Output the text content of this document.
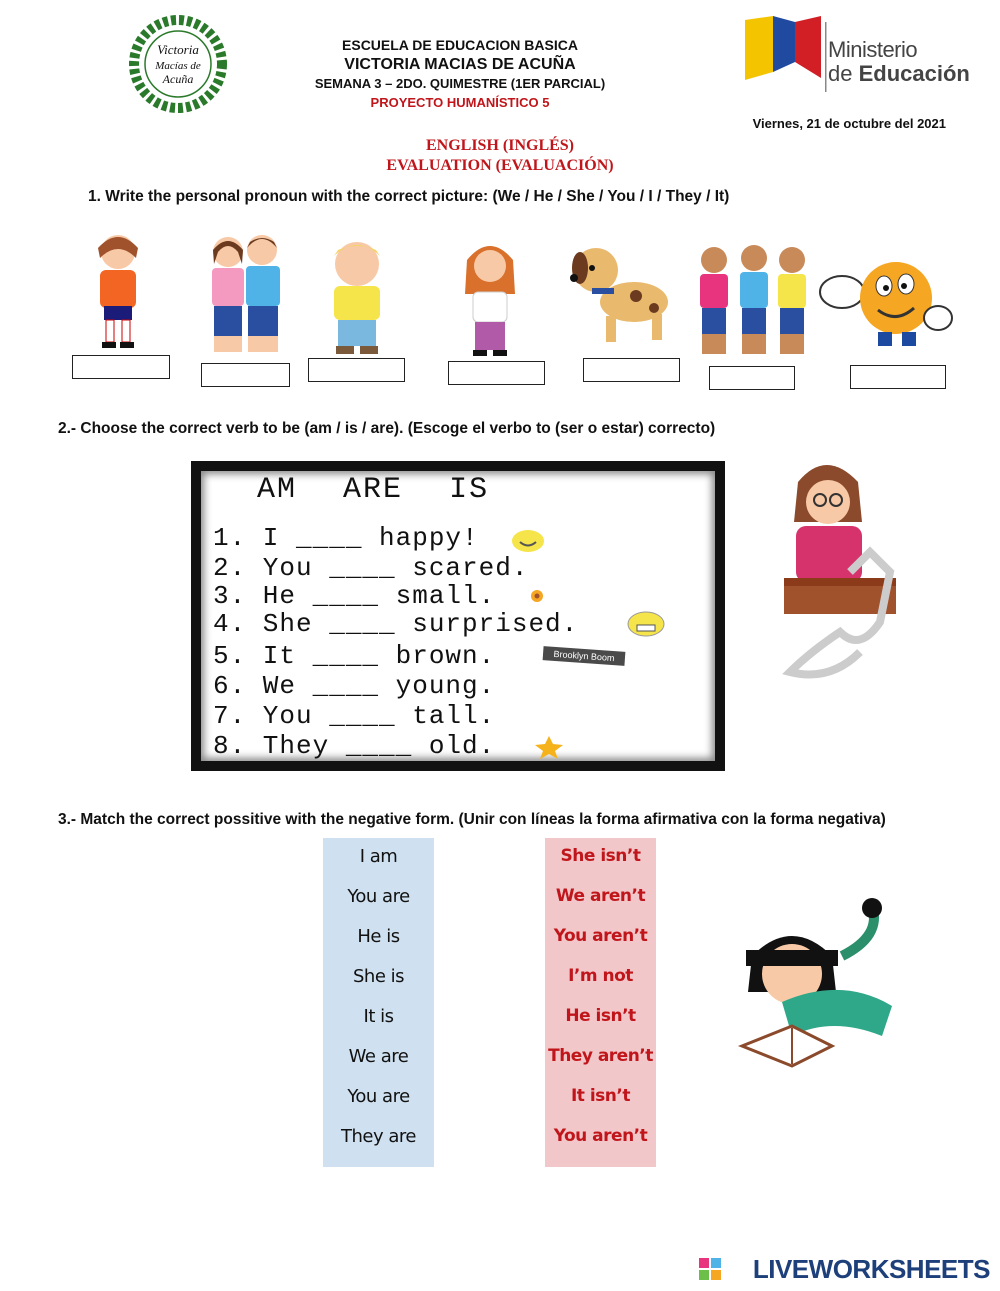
Victoria
Macías de
Acuña
ESCUELA DE EDUCACION BASICA
VICTORIA MACIAS DE ACUÑA
SEMANA 3 – 2DO. QUIMESTRE (1ER PARCIAL)
PROYECTO HUMANÍSTICO 5
Ministerio
de Educación
Viernes, 21 de octubre del 2021
ENGLISH (INGLÉS)
EVALUATION (EVALUACIÓN)
1. Write the personal pronoun with the correct picture: (We / He / She / You / I / They / It)
2.- Choose the correct verb to be (am / is / are). (Escoge el verbo to (ser o estar) correcto)
AM ARE IS
1. I ____ happy!
2. You ____ scared.
3. He ____ small.
4. She ____ surprised.
5. It ____ brown.
6. We ____ young.
7. You ____ tall.
8. They ____ old.
Brooklyn Boom
3.- Match the correct possitive with the negative form. (Unir con líneas la forma afirmativa con la forma negativa)
I am
You are
He is
She is
It is
We are
You are
They are
She isn’t
We aren’t
You aren’t
I’m not
He isn’t
They aren’t
It isn’t
You aren’t
LIVEWORKSHEETS
